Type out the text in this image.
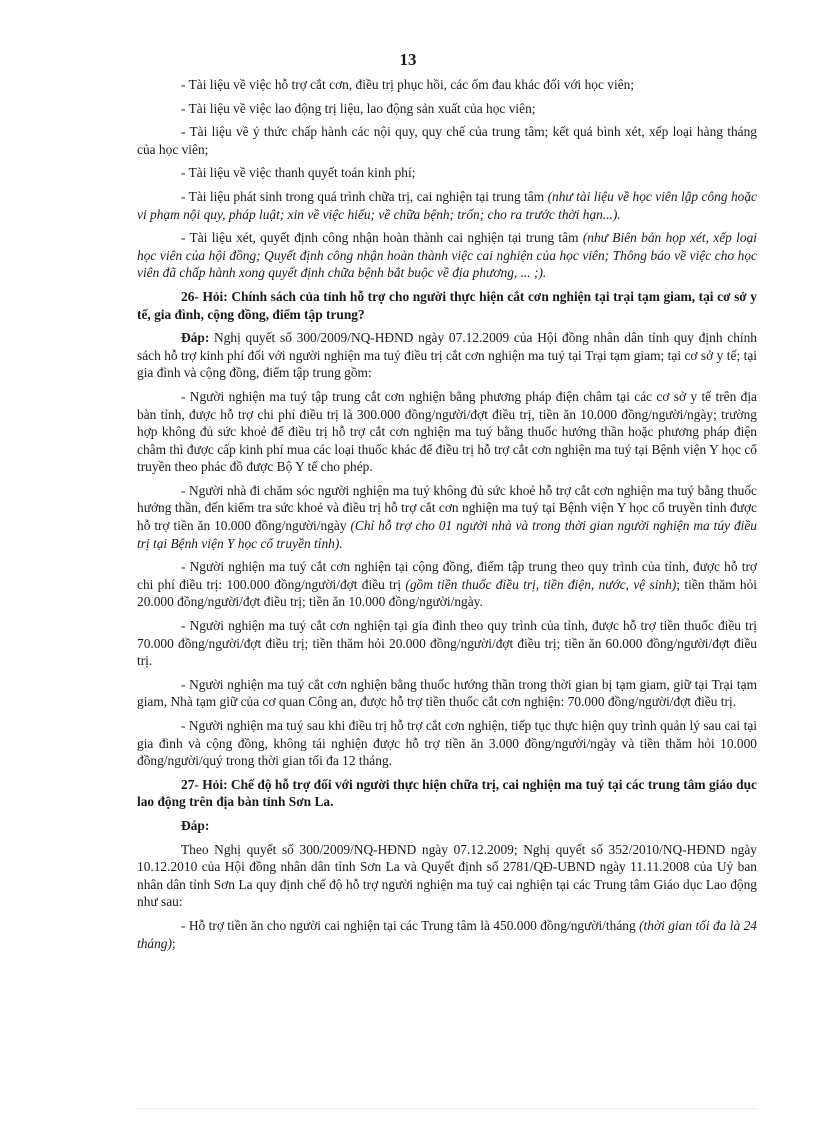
13

- Tài liệu về việc hỗ trợ cắt cơn, điều trị phục hồi, các ốm đau khác đối với học viên;

- Tài liệu về việc lao động trị liệu, lao động sản xuất của học viên;

- Tài liệu về ý thức chấp hành các nội quy, quy chế của trung tâm; kết quả bình xét, xếp loại hàng tháng của học viên;

- Tài liệu về việc thanh quyết toán kinh phí;

- Tài liệu phát sinh trong quá trình chữa trị, cai nghiện tại trung tâm (như tài liệu về học viên lập công hoặc vi phạm nội quy, pháp luật; xin về việc hiếu; về chữa bệnh; trốn; cho ra trước thời hạn...).

- Tài liệu xét, quyết định công nhận hoàn thành cai nghiện tại trung tâm (như Biên bản họp xét, xếp loại học viên của hội đồng; Quyết định công nhận hoàn thành việc cai nghiện của học viên; Thông báo về việc cho học viên đã chấp hành xong quyết định chữa bệnh bắt buộc về địa phương, ... ;).

26- Hỏi: Chính sách của tỉnh hỗ trợ cho người thực hiện cắt cơn nghiện tại trại tạm giam, tại cơ sở y tế, gia đình, cộng đồng, điểm tập trung?

Đáp: Nghị quyết số 300/2009/NQ-HĐND ngày 07.12.2009 của Hội đồng nhân dân tỉnh quy định chính sách hỗ trợ kinh phí đối với người nghiện ma tuý điều trị cắt cơn nghiện ma tuý tại Trại tạm giam; tại cơ sở y tế; tại gia đình và cộng đồng, điểm tập trung gồm:

- Người nghiện ma tuý tập trung cắt cơn nghiện bằng phương pháp điện châm tại các cơ sở y tế trên địa bàn tỉnh, được hỗ trợ chi phí điều trị là 300.000 đồng/người/đợt điều trị, tiền ăn 10.000 đồng/người/ngày; trường hợp không đủ sức khoẻ để điều trị hỗ trợ cắt cơn nghiện ma tuý bằng thuốc hướng thần hoặc phương pháp điện châm thì được cấp kinh phí mua các loại thuốc khác để điều trị hỗ trợ cắt cơn nghiện ma tuý tại Bệnh viện Y học cổ truyền theo phác đồ được Bộ Y tế cho phép.

- Người nhà đi chăm sóc người nghiện ma tuý không đủ sức khoẻ hỗ trợ cắt cơn nghiện ma tuý bằng thuốc hướng thần, đến kiểm tra sức khoẻ và điều trị hỗ trợ cắt cơn nghiện ma tuý tại Bệnh viện Y học cổ truyền tỉnh được hỗ trợ tiền ăn 10.000 đồng/người/ngày (Chỉ hỗ trợ cho 01 người nhà và trong thời gian người nghiện ma túy điều trị tại Bệnh viện Y học cổ truyền tỉnh).

- Người nghiện ma tuý cắt cơn nghiện tại cộng đồng, điểm tập trung theo quy trình của tỉnh, được hỗ trợ chi phí điều trị: 100.000 đồng/người/đợt điều trị (gồm tiền thuốc điều trị, tiền điện, nước, vệ sinh); tiền thăm hỏi 20.000 đồng/người/đợt điều trị; tiền ăn 10.000 đồng/người/ngày.

- Người nghiện ma tuý cắt cơn nghiện tại gia đình theo quy trình của tỉnh, được hỗ trợ tiền thuốc điều trị 70.000 đồng/người/đợt điều trị; tiền thăm hỏi 20.000 đồng/người/đợt điều trị; tiền ăn 60.000 đồng/người/đợt điều trị.

- Người nghiện ma tuý cắt cơn nghiện bằng thuốc hướng thần trong thời gian bị tạm giam, giữ tại Trại tạm giam, Nhà tạm giữ của cơ quan Công an, được hỗ trợ tiền thuốc cắt cơn nghiện: 70.000 đồng/người/đợt điều trị.

- Người nghiện ma tuý sau khi điều trị hỗ trợ cắt cơn nghiện, tiếp tục thực hiện quy trình quản lý sau cai tại gia đình và cộng đồng, không tái nghiện được hỗ trợ tiền ăn 3.000 đồng/người/ngày và tiền thăm hỏi 10.000 đồng/người/quý trong thời gian tối đa 12 tháng.

27- Hỏi: Chế độ hỗ trợ đối với người thực hiện chữa trị, cai nghiện ma tuý tại các trung tâm giáo dục lao động trên địa bàn tỉnh Sơn La.

Đáp:

Theo Nghị quyết số 300/2009/NQ-HĐND ngày 07.12.2009; Nghị quyết số 352/2010/NQ-HĐND ngày 10.12.2010 của Hội đồng nhân dân tỉnh Sơn La và Quyết định số 2781/QĐ-UBND ngày 11.11.2008 của Uỷ ban nhân dân tỉnh Sơn La quy định chế độ hỗ trợ người nghiện ma tuý cai nghiện tại các Trung tâm Giáo dục Lao động như sau:

- Hỗ trợ tiền ăn cho người cai nghiện tại các Trung tâm là 450.000 đồng/người/tháng (thời gian tối đa là 24 tháng);
